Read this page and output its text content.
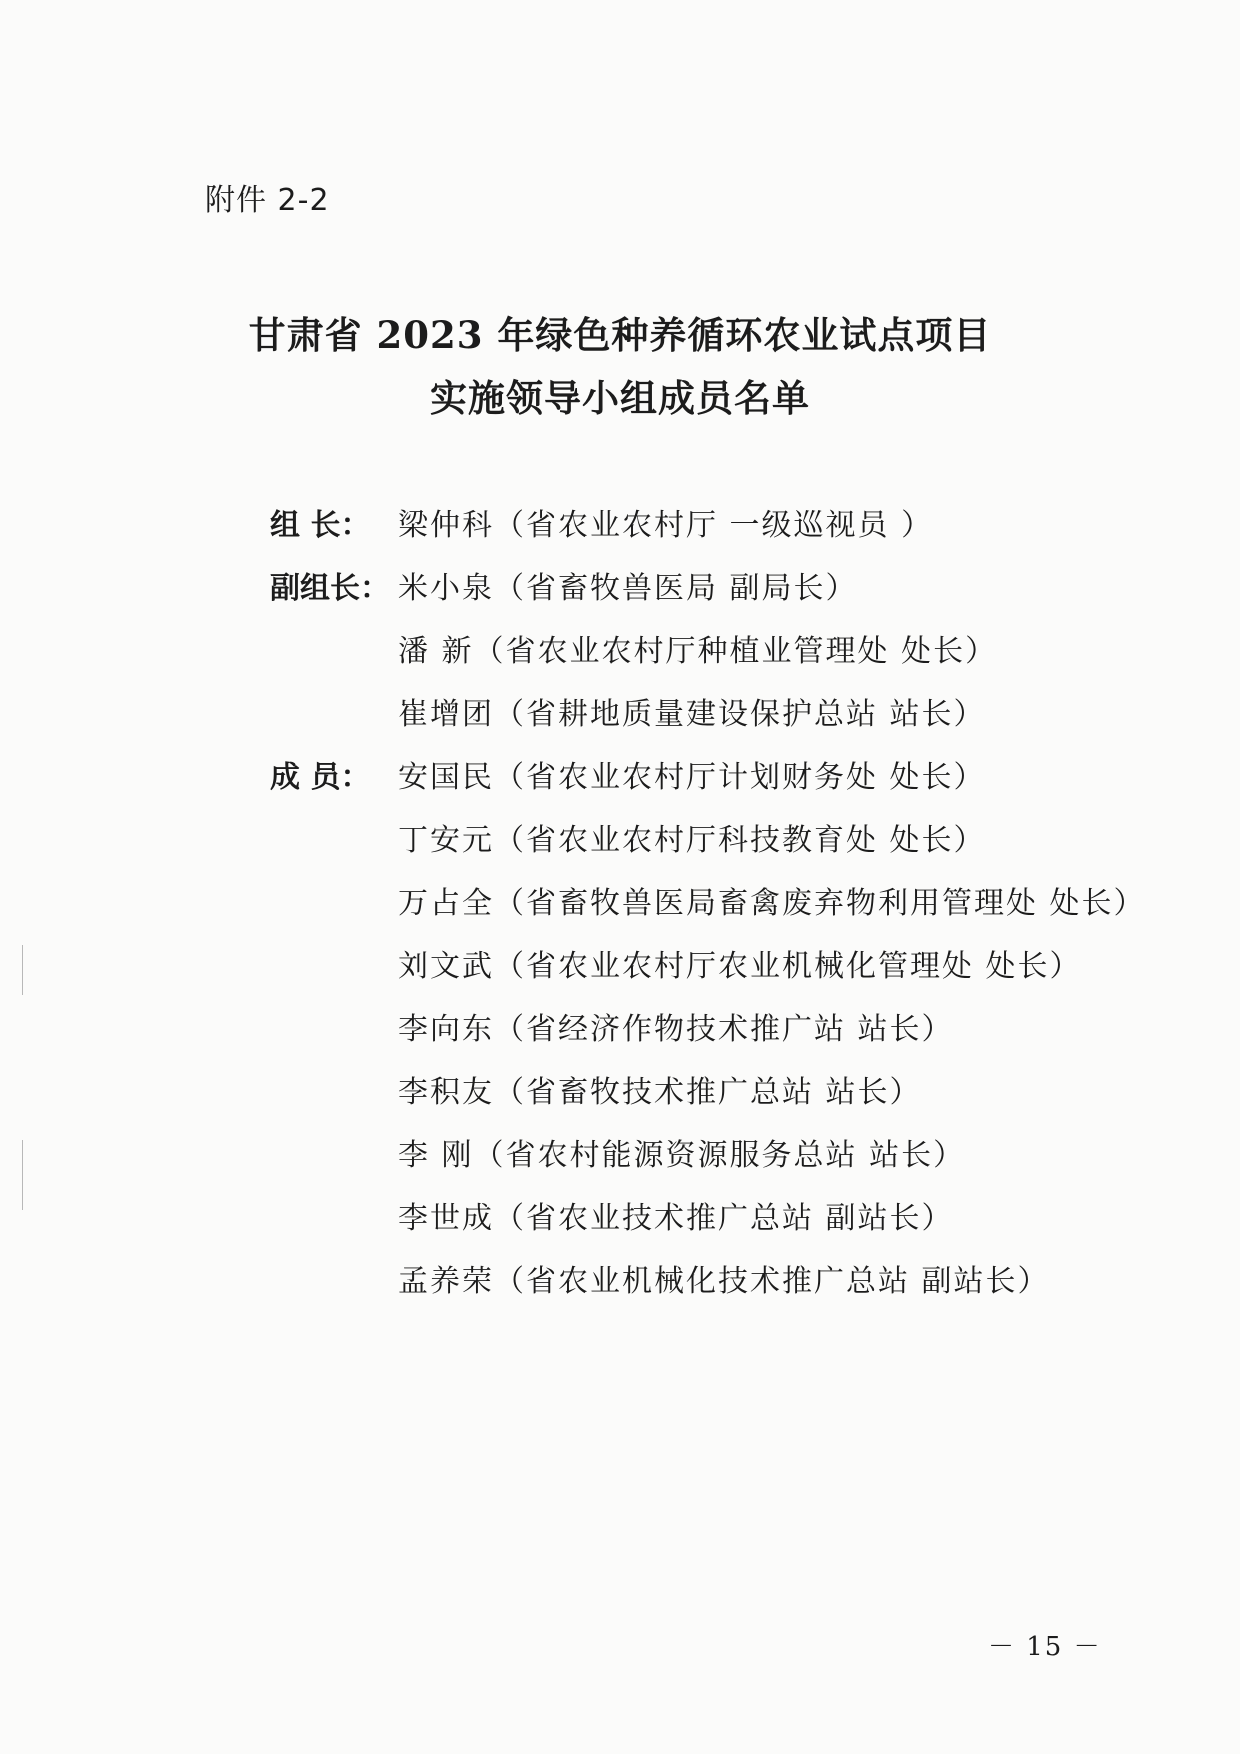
附件 2-2
甘肃省 2023 年绿色种养循环农业试点项目
实施领导小组成员名单
组 长： 梁仲科（省农业农村厅 一级巡视员 ）
副组长： 米小泉（省畜牧兽医局 副局长）
潘 新（省农业农村厅种植业管理处 处长）
崔增团（省耕地质量建设保护总站 站长）
成 员： 安国民（省农业农村厅计划财务处 处长）
丁安元（省农业农村厅科技教育处 处长）
万占全（省畜牧兽医局畜禽废弃物利用管理处 处长）
刘文武（省农业农村厅农业机械化管理处 处长）
李向东（省经济作物技术推广站 站长）
李积友（省畜牧技术推广总站 站长）
李 刚（省农村能源资源服务总站 站长）
李世成（省农业技术推广总站 副站长）
孟养荣（省农业机械化技术推广总站 副站长）
－ 15 －
